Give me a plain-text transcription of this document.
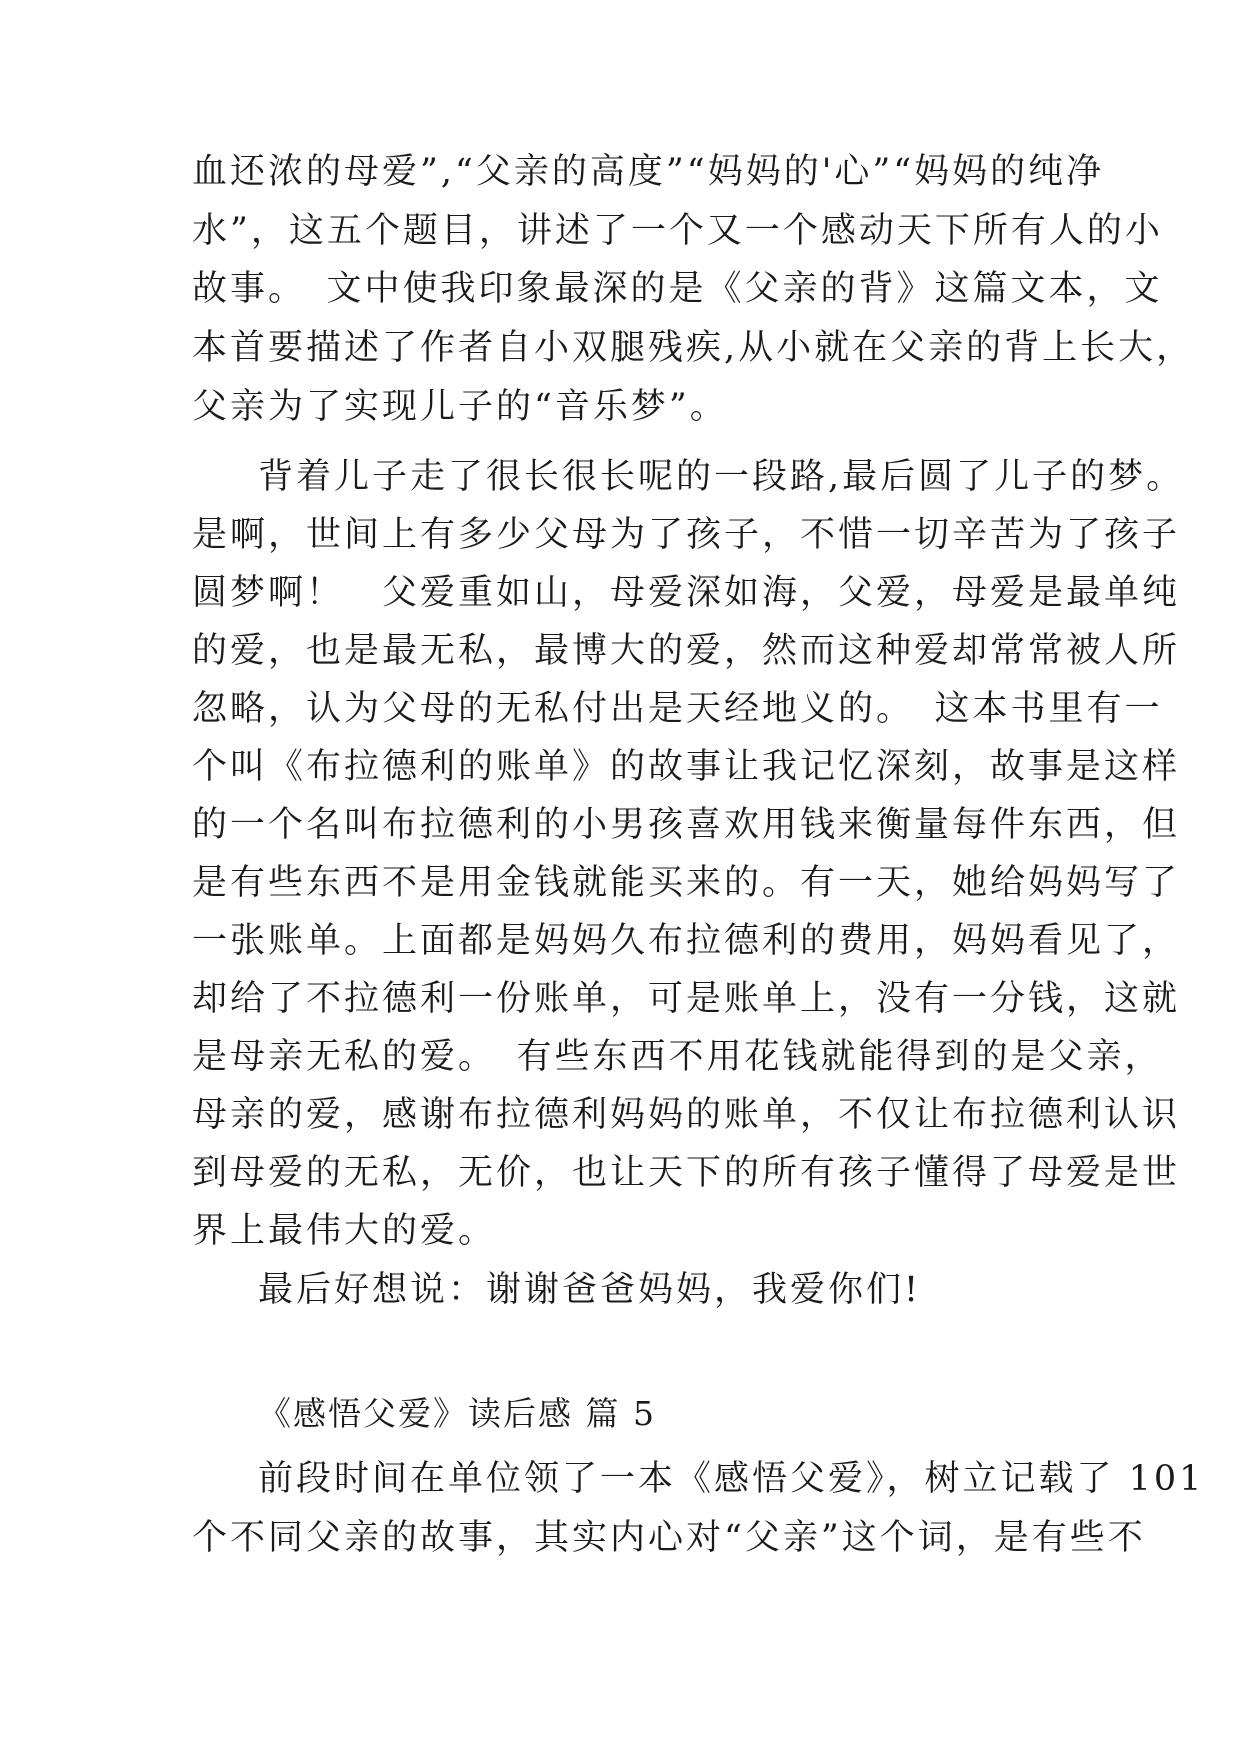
血还浓的母爱”,“父亲的高度”“妈妈的'心”“妈妈的纯净
水”，这五个题目，讲述了一个又一个感动天下所有人的小
故事。　文中使我印象最深的是《父亲的背》这篇文本，文
本首要描述了作者自小双腿残疾,从小就在父亲的背上长大，
父亲为了实现儿子的“音乐梦”。
背着儿子走了很长很长呢的一段路,最后圆了儿子的梦。
是啊，世间上有多少父母为了孩子，不惜一切辛苦为了孩子
圆梦啊！　父爱重如山，母爱深如海，父爱，母爱是最单纯
的爱，也是最无私，最博大的爱，然而这种爱却常常被人所
忽略，认为父母的无私付出是天经地义的。　这本书里有一
个叫《布拉德利的账单》的故事让我记忆深刻，故事是这样
的一个名叫布拉德利的小男孩喜欢用钱来衡量每件东西，但
是有些东西不是用金钱就能买来的。有一天，她给妈妈写了
一张账单。上面都是妈妈久布拉德利的费用，妈妈看见了，
却给了不拉德利一份账单，可是账单上，没有一分钱，这就
是母亲无私的爱。　有些东西不用花钱就能得到的是父亲，
母亲的爱，感谢布拉德利妈妈的账单，不仅让布拉德利认识
到母爱的无私，无价，也让天下的所有孩子懂得了母爱是世
界上最伟大的爱。
最后好想说：谢谢爸爸妈妈，我爱你们!
《感悟父爱》读后感 篇 5
前段时间在单位领了一本《感悟父爱》，树立记载了 101
个不同父亲的故事，其实内心对“父亲”这个词，是有些不
